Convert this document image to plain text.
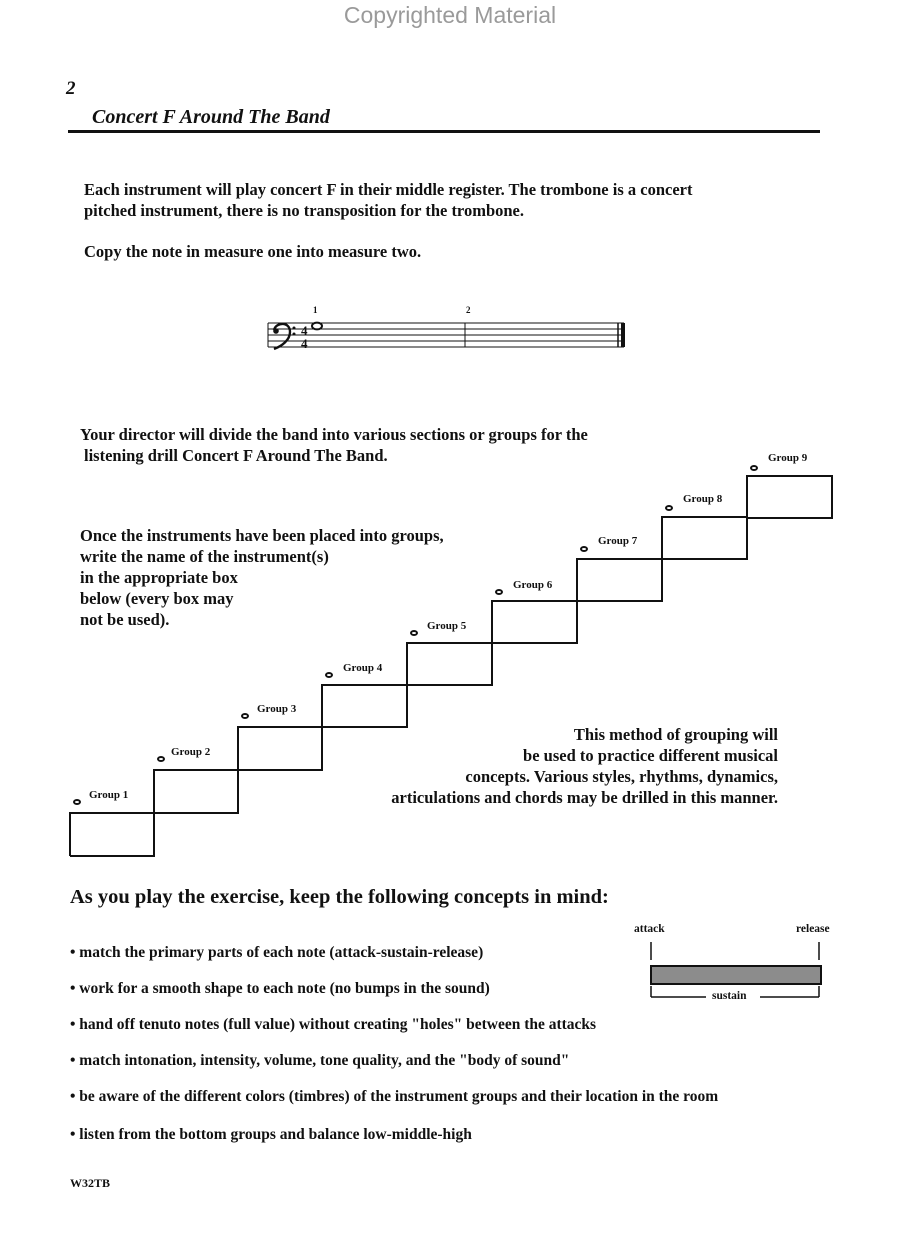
Copyrighted Material
2
Concert F Around The Band
Each instrument will play concert F in their middle register. The trombone is a concert
pitched instrument, there is no transposition for the trombone.
Copy the note in measure one into measure two.
4
4
1	2
Your director will divide the band into various sections or groups for the
listening drill Concert F Around The Band.
Once the instruments have been placed into groups,
write the name of the instrument(s)
in the appropriate box
below (every box may
not be used).
This method of grouping will
be used to practice different musical
concepts. Various styles, rhythms, dynamics,
articulations and chords may be drilled in this manner.
Group 1
Group 2
Group 3
Group 4
Group 5
Group 6
Group 7
Group 8
Group 9
As you play the exercise, keep the following concepts in mind:
• match the primary parts of each note (attack-sustain-release)
• work for a smooth shape to each note (no bumps in the sound)
• hand off tenuto notes (full value) without creating "holes" between the attacks
• match intonation, intensity, volume, tone quality, and the "body of sound"
• be aware of the different colors (timbres) of the instrument groups and their location in the room
• listen from the bottom groups and balance low-middle-high
attack	release
sustain
W32TB
